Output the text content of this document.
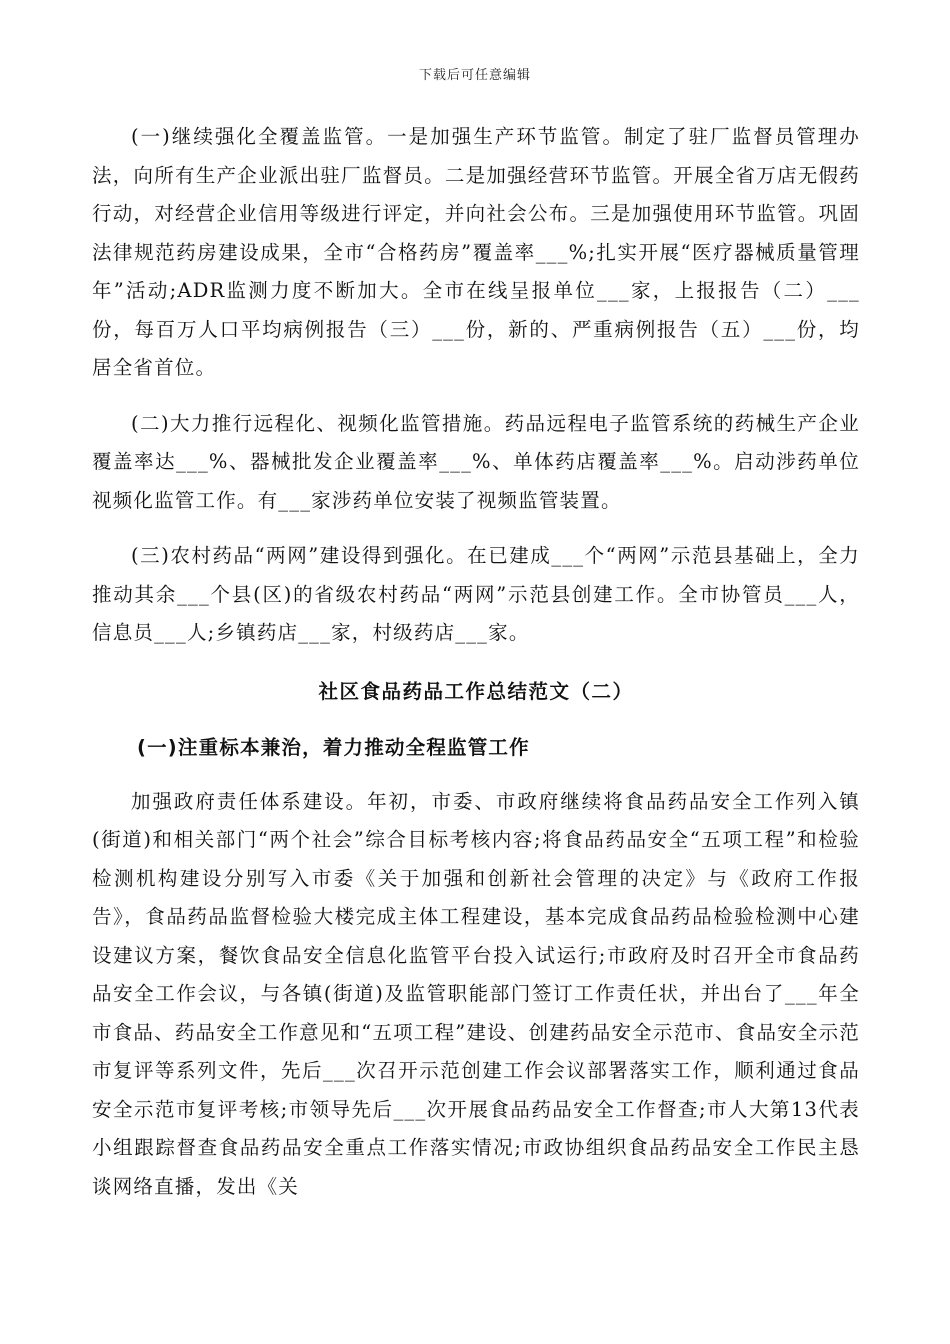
下载后可任意编辑

(一)继续强化全覆盖监管。一是加强生产环节监管。制定了驻厂监督员管理办法，向所有生产企业派出驻厂监督员。二是加强经营环节监管。开展全省万店无假药行动，对经营企业信用等级进行评定，并向社会公布。三是加强使用环节监管。巩固法律规范药房建设成果，全市“合格药房”覆盖率___%;扎实开展“医疗器械质量管理年”活动;ADR监测力度不断加大。全市在线呈报单位___家，上报报告（二）___份，每百万人口平均病例报告（三）___份，新的、严重病例报告（五）___份，均居全省首位。

(二)大力推行远程化、视频化监管措施。药品远程电子监管系统的药械生产企业覆盖率达___%、器械批发企业覆盖率___%、单体药店覆盖率___%。启动涉药单位视频化监管工作。有___家涉药单位安装了视频监管装置。

(三)农村药品“两网”建设得到强化。在已建成___个“两网”示范县基础上，全力推动其余___个县(区)的省级农村药品“两网”示范县创建工作。全市协管员___人，信息员___人;乡镇药店___家，村级药店___家。

社区食品药品工作总结范文（二）
(一)注重标本兼治，着力推动全程监管工作

加强政府责任体系建设。年初，市委、市政府继续将食品药品安全工作列入镇(街道)和相关部门“两个社会”综合目标考核内容;将食品药品安全“五项工程”和检验检测机构建设分别写入市委《关于加强和创新社会管理的决定》与《政府工作报告》，食品药品监督检验大楼完成主体工程建设，基本完成食品药品检验检测中心建设建议方案，餐饮食品安全信息化监管平台投入试运行;市政府及时召开全市食品药品安全工作会议，与各镇(街道)及监管职能部门签订工作责任状，并出台了___年全市食品、药品安全工作意见和“五项工程”建设、创建药品安全示范市、食品安全示范市复评等系列文件，先后___次召开示范创建工作会议部署落实工作，顺利通过食品安全示范市复评考核;市领导先后___次开展食品药品安全工作督查;市人大第13代表小组跟踪督查食品药品安全重点工作落实情况;市政协组织食品药品安全工作民主恳谈网络直播，发出《关
